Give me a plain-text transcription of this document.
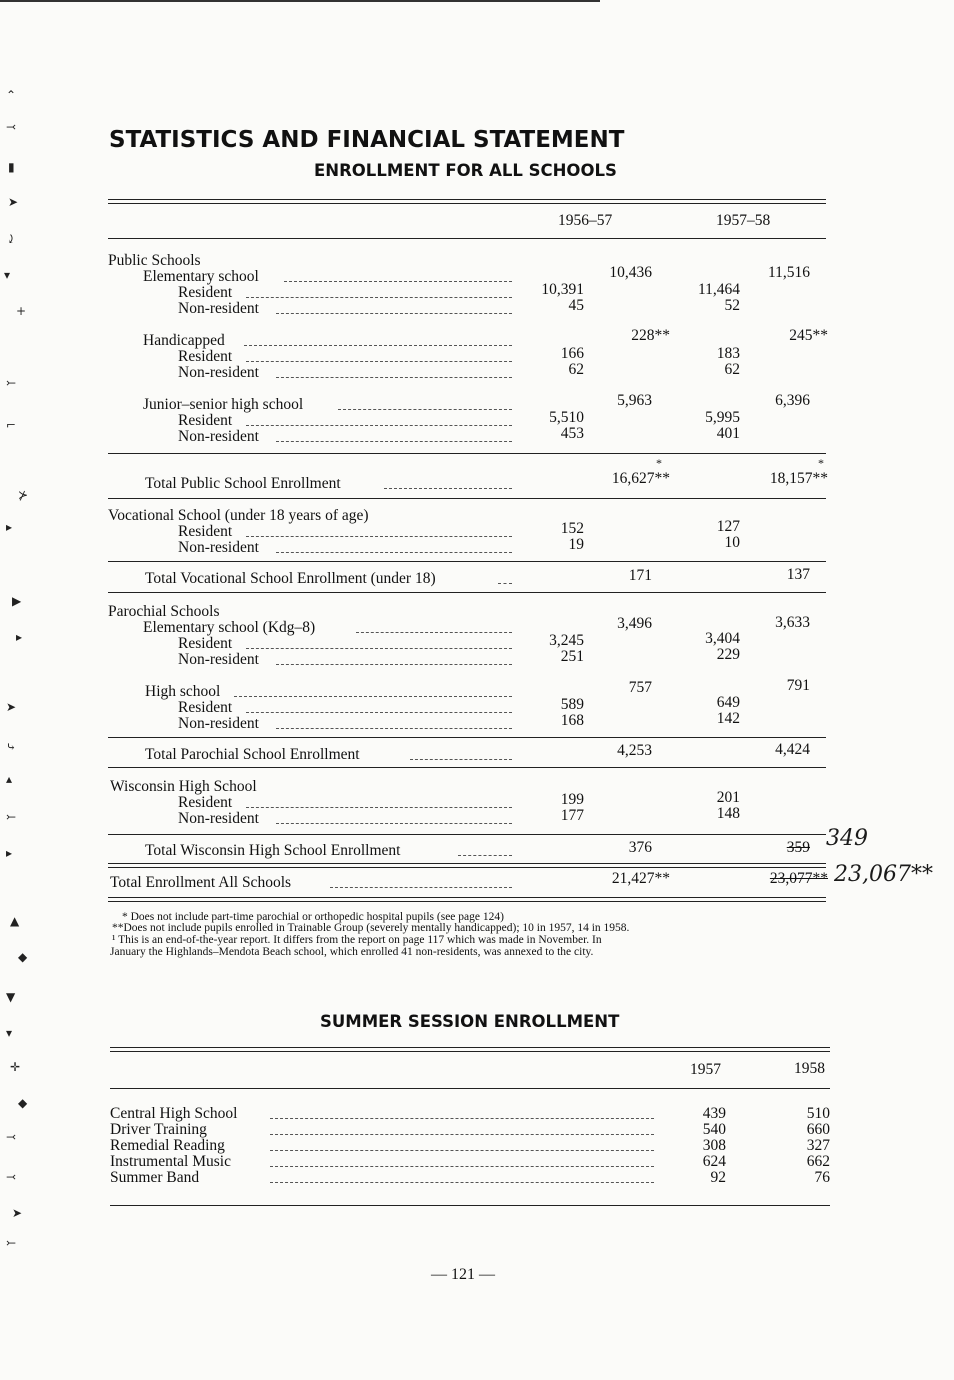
⌃
⤙
▮
➤
⤸
▾
+
⤚
⌐
⊁
▸
▶
▸
➤
⤷
▴
⤚
▸
▲
◆
▼
▾
✛
◆
⤙
⤙
➤
⤚
STATISTICS AND FINANCIAL STATEMENT
ENROLLMENT FOR ALL SCHOOLS
1956–57	1957–58
Public Schools
Elementary school	10,436	11,516
Resident	10,391	11,464
Non-resident	45	52
Handicapped	228**	245**
Resident	166	183
Non-resident	62	62
Junior–senior high school	5,963	6,396
Resident	5,510	5,995
Non-resident	453	401
*	*
Total Public School Enrollment	16,627**	18,157**
Vocational School (under 18 years of age)
Resident	152	127
Non-resident	19	10
Total Vocational School Enrollment (under 18)	171	137
Parochial Schools
Elementary school (Kdg–8)	3,496	3,633
Resident	3,245	3,404
Non-resident	251	229
High school	757	791
Resident	589	649
Non-resident	168	142
Total Parochial School Enrollment	4,253	4,424
Wisconsin High School
Resident	199	201
Non-resident	177	148
Total Wisconsin High School Enrollment	376	359 349
Total Enrollment All Schools	21,427**	23,077** 23,067**
* Does not include part-time parochial or orthopedic hospital pupils (see page 124)
**Does not include pupils enrolled in Trainable Group (severely mentally handicapped); 10 in 1957, 14 in 1958.
¹ This is an end-of-the-year report. It differs from the report on page 117 which was made in November. In
January the Highlands–Mendota Beach school, which enrolled 41 non-residents, was annexed to the city.
SUMMER SESSION ENROLLMENT
1957	1958
Central High School	439	510
Driver Training	540	660
Remedial Reading	308	327
Instrumental Music	624	662
Summer Band	92	76
— 121 —
